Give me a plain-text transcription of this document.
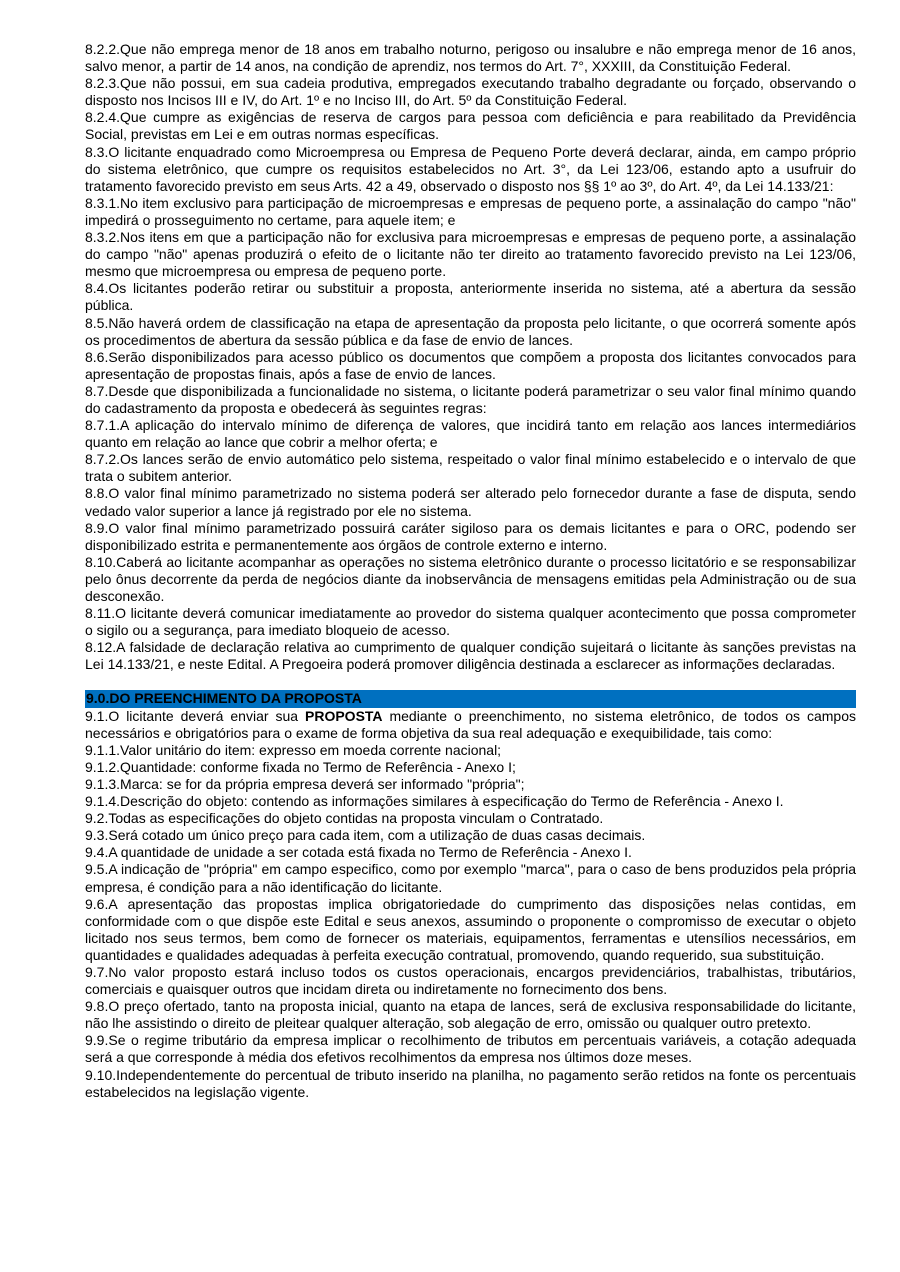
8.2.2.Que não emprega menor de 18 anos em trabalho noturno, perigoso ou insalubre e não emprega menor de 16 anos, salvo menor, a partir de 14 anos, na condição de aprendiz, nos termos do Art. 7°, XXXIII, da Constituição Federal.

8.2.3.Que não possui, em sua cadeia produtiva, empregados executando trabalho degradante ou forçado, observando o disposto nos Incisos III e IV, do Art. 1º e no Inciso III, do Art. 5º da Constituição Federal.

8.2.4.Que cumpre as exigências de reserva de cargos para pessoa com deficiência e para reabilitado da Previdência Social, previstas em Lei e em outras normas específicas.

8.3.O licitante enquadrado como Microempresa ou Empresa de Pequeno Porte deverá declarar, ainda, em campo próprio do sistema eletrônico, que cumpre os requisitos estabelecidos no Art. 3°, da Lei 123/06, estando apto a usufruir do tratamento favorecido previsto em seus Arts. 42 a 49, observado o disposto nos §§ 1º ao 3º, do Art. 4º, da Lei 14.133/21:

8.3.1.No item exclusivo para participação de microempresas e empresas de pequeno porte, a assinalação do campo "não" impedirá o prosseguimento no certame, para aquele item; e

8.3.2.Nos itens em que a participação não for exclusiva para microempresas e empresas de pequeno porte, a assinalação do campo "não" apenas produzirá o efeito de o licitante não ter direito ao tratamento favorecido previsto na Lei 123/06, mesmo que microempresa ou empresa de pequeno porte.

8.4.Os licitantes poderão retirar ou substituir a proposta, anteriormente inserida no sistema, até a abertura da sessão pública.

8.5.Não haverá ordem de classificação na etapa de apresentação da proposta pelo licitante, o que ocorrerá somente após os procedimentos de abertura da sessão pública e da fase de envio de lances.

8.6.Serão disponibilizados para acesso público os documentos que compõem a proposta dos licitantes convocados para apresentação de propostas finais, após a fase de envio de lances.

8.7.Desde que disponibilizada a funcionalidade no sistema, o licitante poderá parametrizar o seu valor final mínimo quando do cadastramento da proposta e obedecerá às seguintes regras:

8.7.1.A aplicação do intervalo mínimo de diferença de valores, que incidirá tanto em relação aos lances intermediários quanto em relação ao lance que cobrir a melhor oferta; e

8.7.2.Os lances serão de envio automático pelo sistema, respeitado o valor final mínimo estabelecido e o intervalo de que trata o subitem anterior.

8.8.O valor final mínimo parametrizado no sistema poderá ser alterado pelo fornecedor durante a fase de disputa, sendo vedado valor superior a lance já registrado por ele no sistema.

8.9.O valor final mínimo parametrizado possuirá caráter sigiloso para os demais licitantes e para o ORC, podendo ser disponibilizado estrita e permanentemente aos órgãos de controle externo e interno.

8.10.Caberá ao licitante acompanhar as operações no sistema eletrônico durante o processo licitatório e se responsabilizar pelo ônus decorrente da perda de negócios diante da inobservância de mensagens emitidas pela Administração ou de sua desconexão.

8.11.O licitante deverá comunicar imediatamente ao provedor do sistema qualquer acontecimento que possa comprometer o sigilo ou a segurança, para imediato bloqueio de acesso.

8.12.A falsidade de declaração relativa ao cumprimento de qualquer condição sujeitará o licitante às sanções previstas na Lei 14.133/21, e neste Edital. A Pregoeira poderá promover diligência destinada a esclarecer as informações declaradas.

9.0.DO PREENCHIMENTO DA PROPOSTA

9.1.O licitante deverá enviar sua PROPOSTA mediante o preenchimento, no sistema eletrônico, de todos os campos necessários e obrigatórios para o exame de forma objetiva da sua real adequação e exequibilidade, tais como:

9.1.1.Valor unitário do item: expresso em moeda corrente nacional;

9.1.2.Quantidade: conforme fixada no Termo de Referência - Anexo I;

9.1.3.Marca: se for da própria empresa deverá ser informado "própria";

9.1.4.Descrição do objeto: contendo as informações similares à especificação do Termo de Referência - Anexo I.

9.2.Todas as especificações do objeto contidas na proposta vinculam o Contratado.

9.3.Será cotado um único preço para cada item, com a utilização de duas casas decimais.

9.4.A quantidade de unidade a ser cotada está fixada no Termo de Referência - Anexo I.

9.5.A indicação de "própria" em campo especifico, como por exemplo "marca", para o caso de bens produzidos pela própria empresa, é condição para a não identificação do licitante.

9.6.A apresentação das propostas implica obrigatoriedade do cumprimento das disposições nelas contidas, em conformidade com o que dispõe este Edital e seus anexos, assumindo o proponente o compromisso de executar o objeto licitado nos seus termos, bem como de fornecer os materiais, equipamentos, ferramentas e utensílios necessários, em quantidades e qualidades adequadas à perfeita execução contratual, promovendo, quando requerido, sua substituição.

9.7.No valor proposto estará incluso todos os custos operacionais, encargos previdenciários, trabalhistas, tributários, comerciais e quaisquer outros que incidam direta ou indiretamente no fornecimento dos bens.

9.8.O preço ofertado, tanto na proposta inicial, quanto na etapa de lances, será de exclusiva responsabilidade do licitante, não lhe assistindo o direito de pleitear qualquer alteração, sob alegação de erro, omissão ou qualquer outro pretexto.

9.9.Se o regime tributário da empresa implicar o recolhimento de tributos em percentuais variáveis, a cotação adequada será a que corresponde à média dos efetivos recolhimentos da empresa nos últimos doze meses.

9.10.Independentemente do percentual de tributo inserido na planilha, no pagamento serão retidos na fonte os percentuais estabelecidos na legislação vigente.
